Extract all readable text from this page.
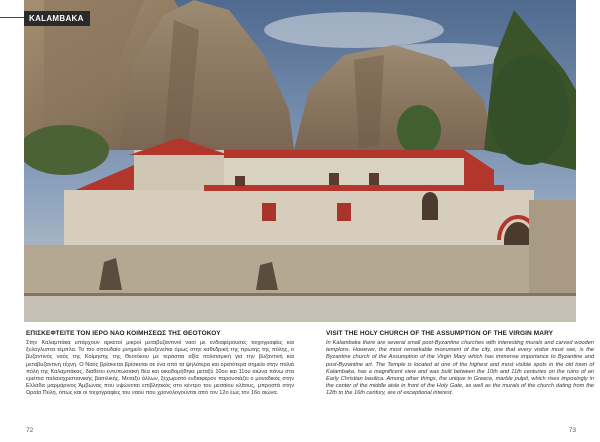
KALAMBAKA

ΕΠΙΣΚΕΦΤΕΙΤΕ ΤΟΝ ΙΕΡΟ ΝΑΟ ΚΟΙΜΗΣΕΩΣ ΤΗΣ ΘΕΟΤΟΚΟΥ

Στην Καλαμπάκα υπάρχουν αρκετοί μικροί μεταβυζαντινοί ναοί με ενδιαφέρουσες τοιχογραφίες και ξυλόγλυπτα τέμπλα. Το πιο σπουδαίο μνημείο φιλοξενείται όμως στην καθεδρική της πρώτης της πόλης, ο βυζαντινός ναός της Κοίμησης της Θεοτόκου με τεράστια αξία πολιτισμική για την βυζαντινή και μεταβυζαντινή τέχνη. Ο Ναός βρίσκεται βρίσκεται σε ένα από τα ψηλότερα και ορατότερα σημεία στην παλιά πόλη της Καλαμπάκας, διαθέτει εντυπωσιακή θέα και οικοδομήθηκε μεταξύ 10ου και 11ου αιώνα πάνω στα ερείπια παλαιοχριστιανικής βασιλικής. Μεταξύ άλλων, ξεχωριστό ενδιαφέρον παρουσιάζει ο μοναδικός στην Ελλάδα μαρμάρινος Άμβωνας που υψώνεται επιβλητικός στο κέντρο του μεσαίου κλίτους, μπροστά στην Ωραία Πύλη, όπως και οι τοιχογραφίες του ναού που χρονολογούνται από τον 12ο έως τον 16ο αιώνα.

VISIT THE HOLY CHURCH OF THE ASSUMPTION OF THE VIRGIN MARY

In Kalambaka there are several small post-Byzantine churches with interesting murals and carved wooden templons. However, the most remarkable monument of the city, one that every visitor must see, is the Byzantine church of the Assumption of the Virgin Mary which has immense importance to Byzantine and post-Byzantine art. The Temple is located at one of the highest and most visible spots in the old town of Kalambaka, has a magnificent view and was built between the 10th and 11th centuries on the ruins of an Early Christian basilica. Among other things, the unique in Greece, marble pulpit, which rises imposingly in the center of the middle aisle in front of the Holy Gate, as well as the murals of the church dating from the 12th to the 16th century, are of exceptional interest.

72	73
